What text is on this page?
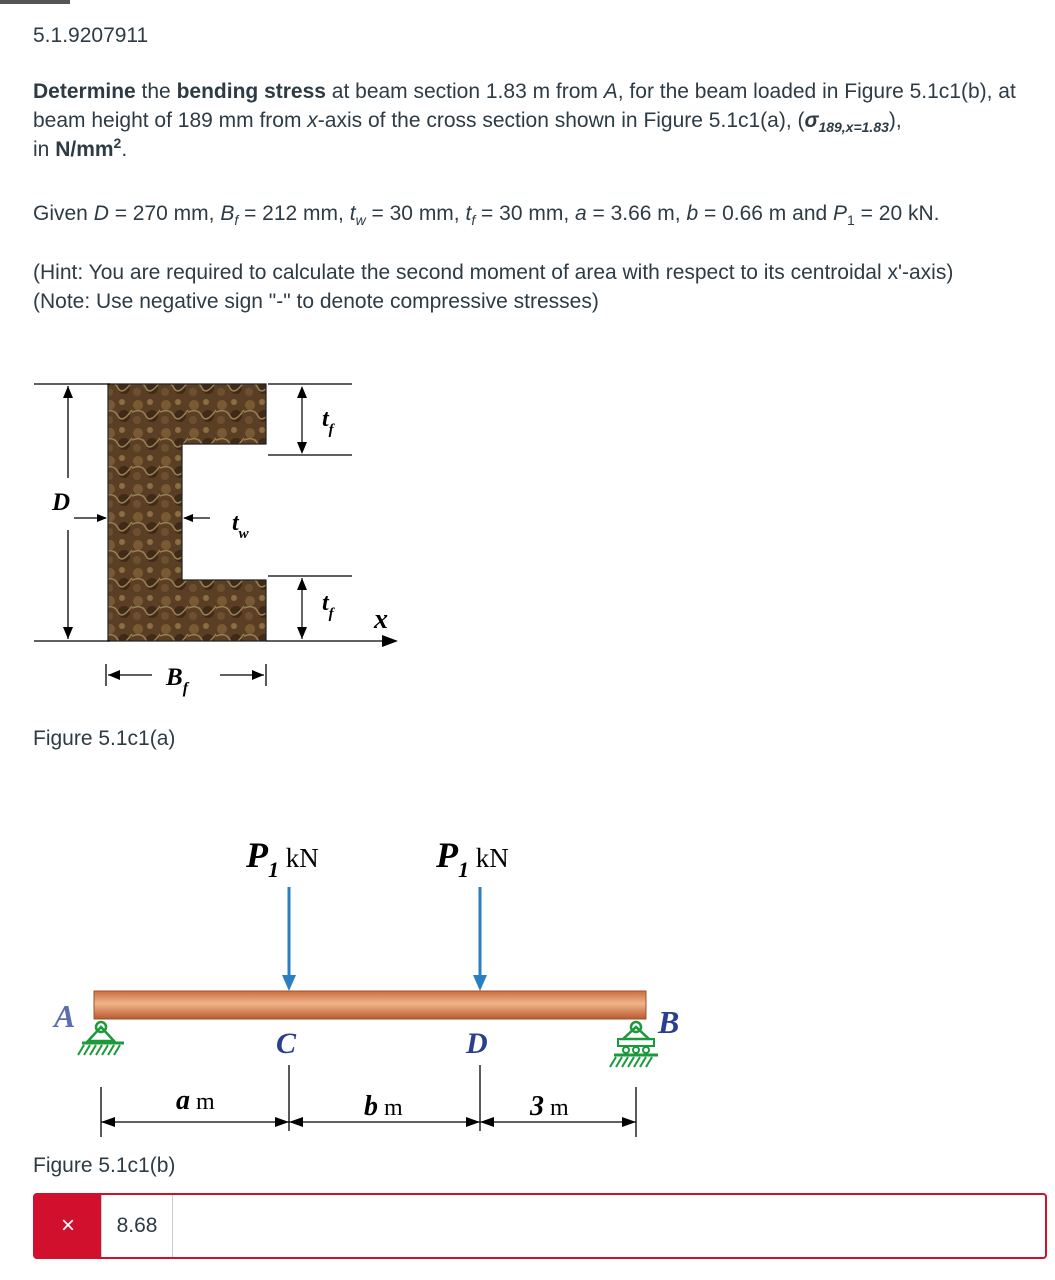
5.1.9207911
Determine the bending stress at beam section 1.83 m from A, for the beam loaded in Figure 5.1c1(b), at
beam height of 189 mm from x-axis of the cross section shown in Figure 5.1c1(a), $(\sigma_{189,x=1.83})$,
in $N/mm^2$.
Given D = 270 mm, $B_f = 212$ mm, $t_w = 30$ mm, $t_f = 30$ mm, a = 3.66 m, b = 0.66 m and $P_1 = 20$ kN.
(Hint: You are required to calculate the second moment of area with respect to its centroidal x'-axis)
(Note: Use negative sign "-" to denote compressive stresses)
D
$t_w$
$t_f$
$t_f$ x
$B_f$
Figure 5.1c1(a)
$P_1$ $^{kN}$	$P_1$ $^{kN}$
A	B
C	D
a m	b m	3 m
Figure 5.1c1(b)
×	8.68
